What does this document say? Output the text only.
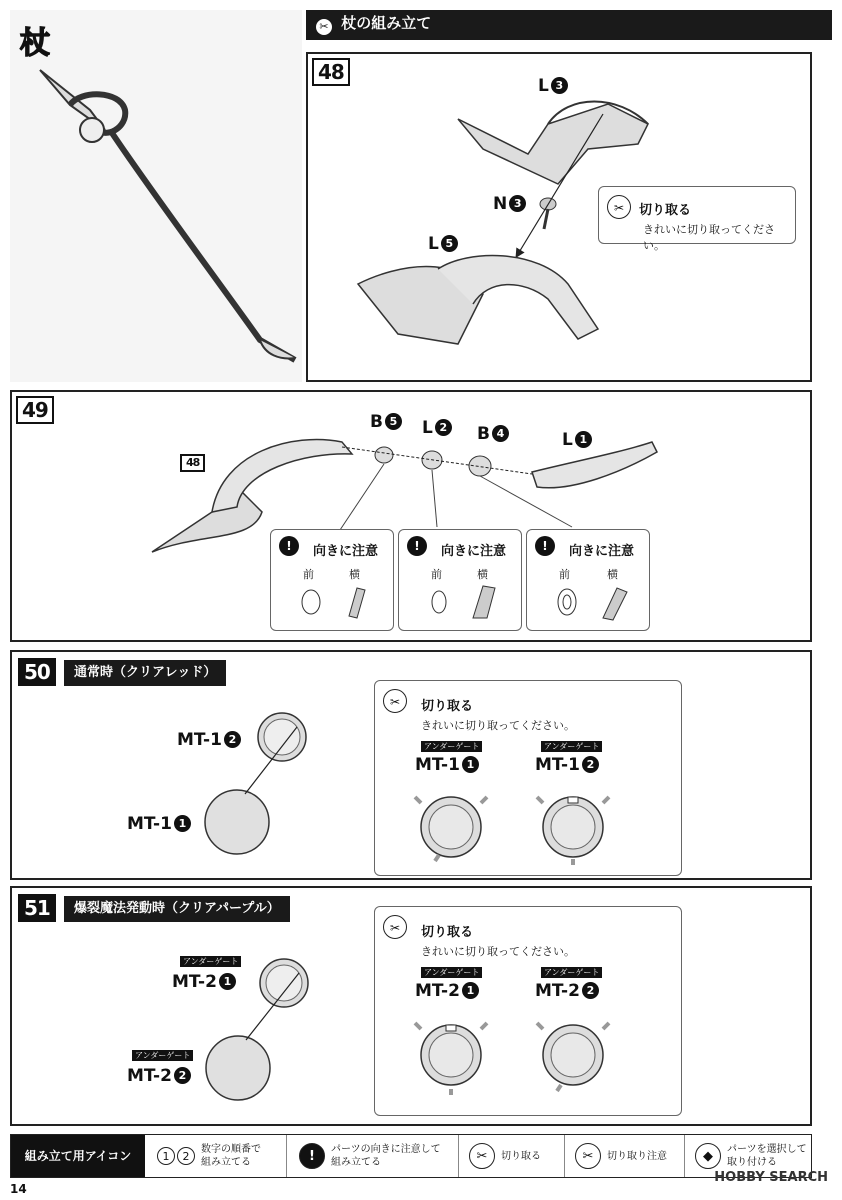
杖	✂ 杖の組み立て
48
L 3
N 3
L 5
✂	切り取る
きれいに切り取ってください。
49
48
B 5 L 2 B 4	L 1
!	向きに注意
前	横
!	向きに注意
前	横
!	向きに注意
前	横
50	通常時（クリアレッド）
MT-1 2
MT-1 1
✂	切り取る
きれいに切り取ってください。
アンダーゲート
MT-1 1
アンダーゲート
MT-1 2
51	爆裂魔法発動時（クリアパープル）
アンダーゲート
MT-2 1
アンダーゲート
MT-2 2
✂	切り取る
きれいに切り取ってください。
アンダーゲート
MT-2 1
アンダーゲート
MT-2 2
組み立て用アイコン	1	2
数字の順番で
組み立てる	!	パーツの向きに注意して
組み立てる	✂	切り取る	✂	切り取り注意	◆	パーツを選択して
取り付ける
14
HOBBY SEARCH
